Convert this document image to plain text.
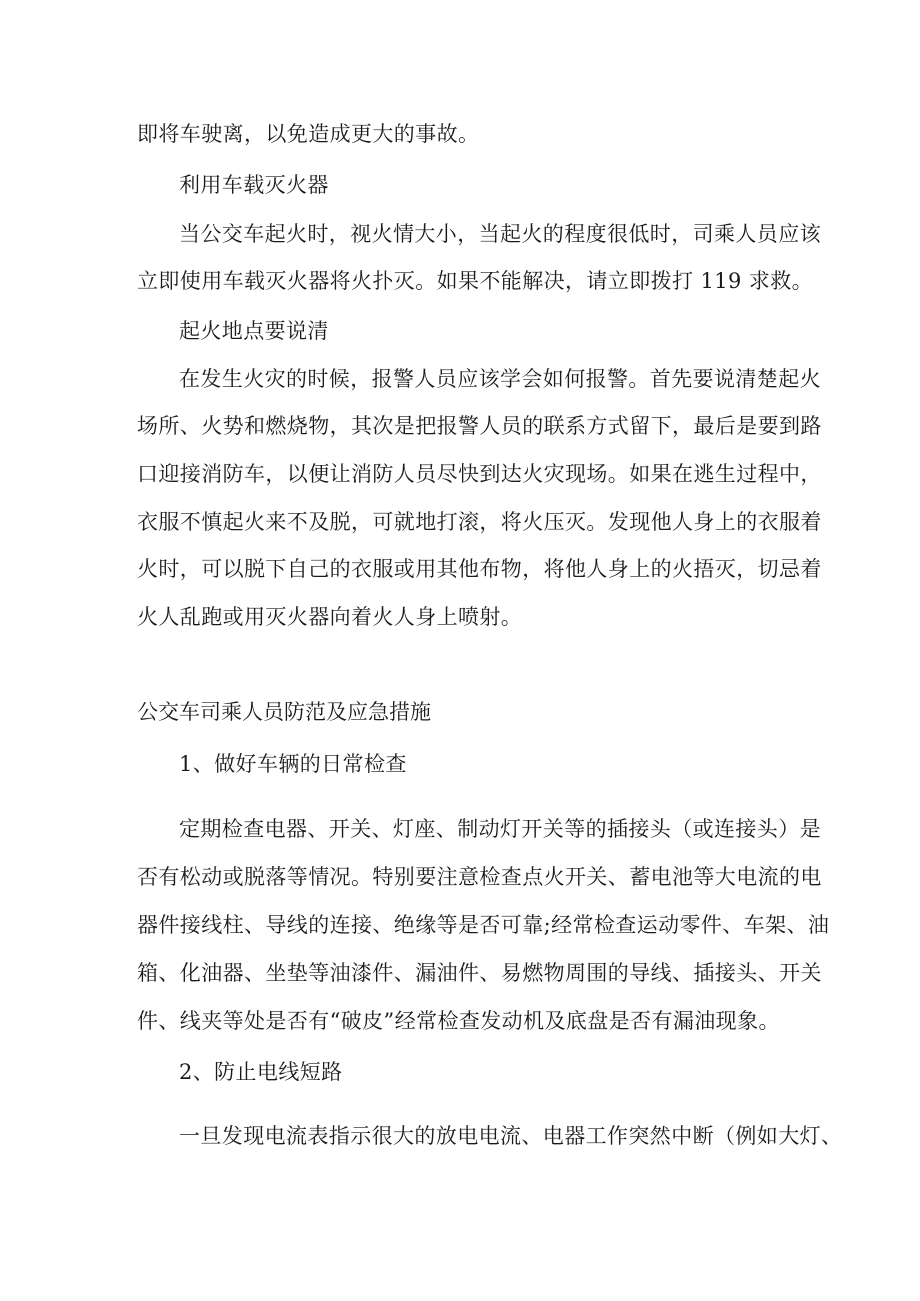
即将车驶离，以免造成更大的事故。
利用车载灭火器
当公交车起火时，视火情大小，当起火的程度很低时，司乘人员应该
立即使用车载灭火器将火扑灭。如果不能解决，请立即拨打 119 求救。
起火地点要说清
在发生火灾的时候，报警人员应该学会如何报警。首先要说清楚起火
场所、火势和燃烧物，其次是把报警人员的联系方式留下，最后是要到路
口迎接消防车，以便让消防人员尽快到达火灾现场。如果在逃生过程中，
衣服不慎起火来不及脱，可就地打滚，将火压灭。发现他人身上的衣服着
火时，可以脱下自己的衣服或用其他布物，将他人身上的火捂灭，切忌着
火人乱跑或用灭火器向着火人身上喷射。
公交车司乘人员防范及应急措施
1、做好车辆的日常检查
定期检查电器、开关、灯座、制动灯开关等的插接头（或连接头）是
否有松动或脱落等情况。特别要注意检查点火开关、蓄电池等大电流的电
器件接线柱、导线的连接、绝缘等是否可靠;经常检查运动零件、车架、油
箱、化油器、坐垫等油漆件、漏油件、易燃物周围的导线、插接头、开关
件、线夹等处是否有“破皮”经常检查发动机及底盘是否有漏油现象。
2、防止电线短路
一旦发现电流表指示很大的放电电流、电器工作突然中断（例如大灯、
